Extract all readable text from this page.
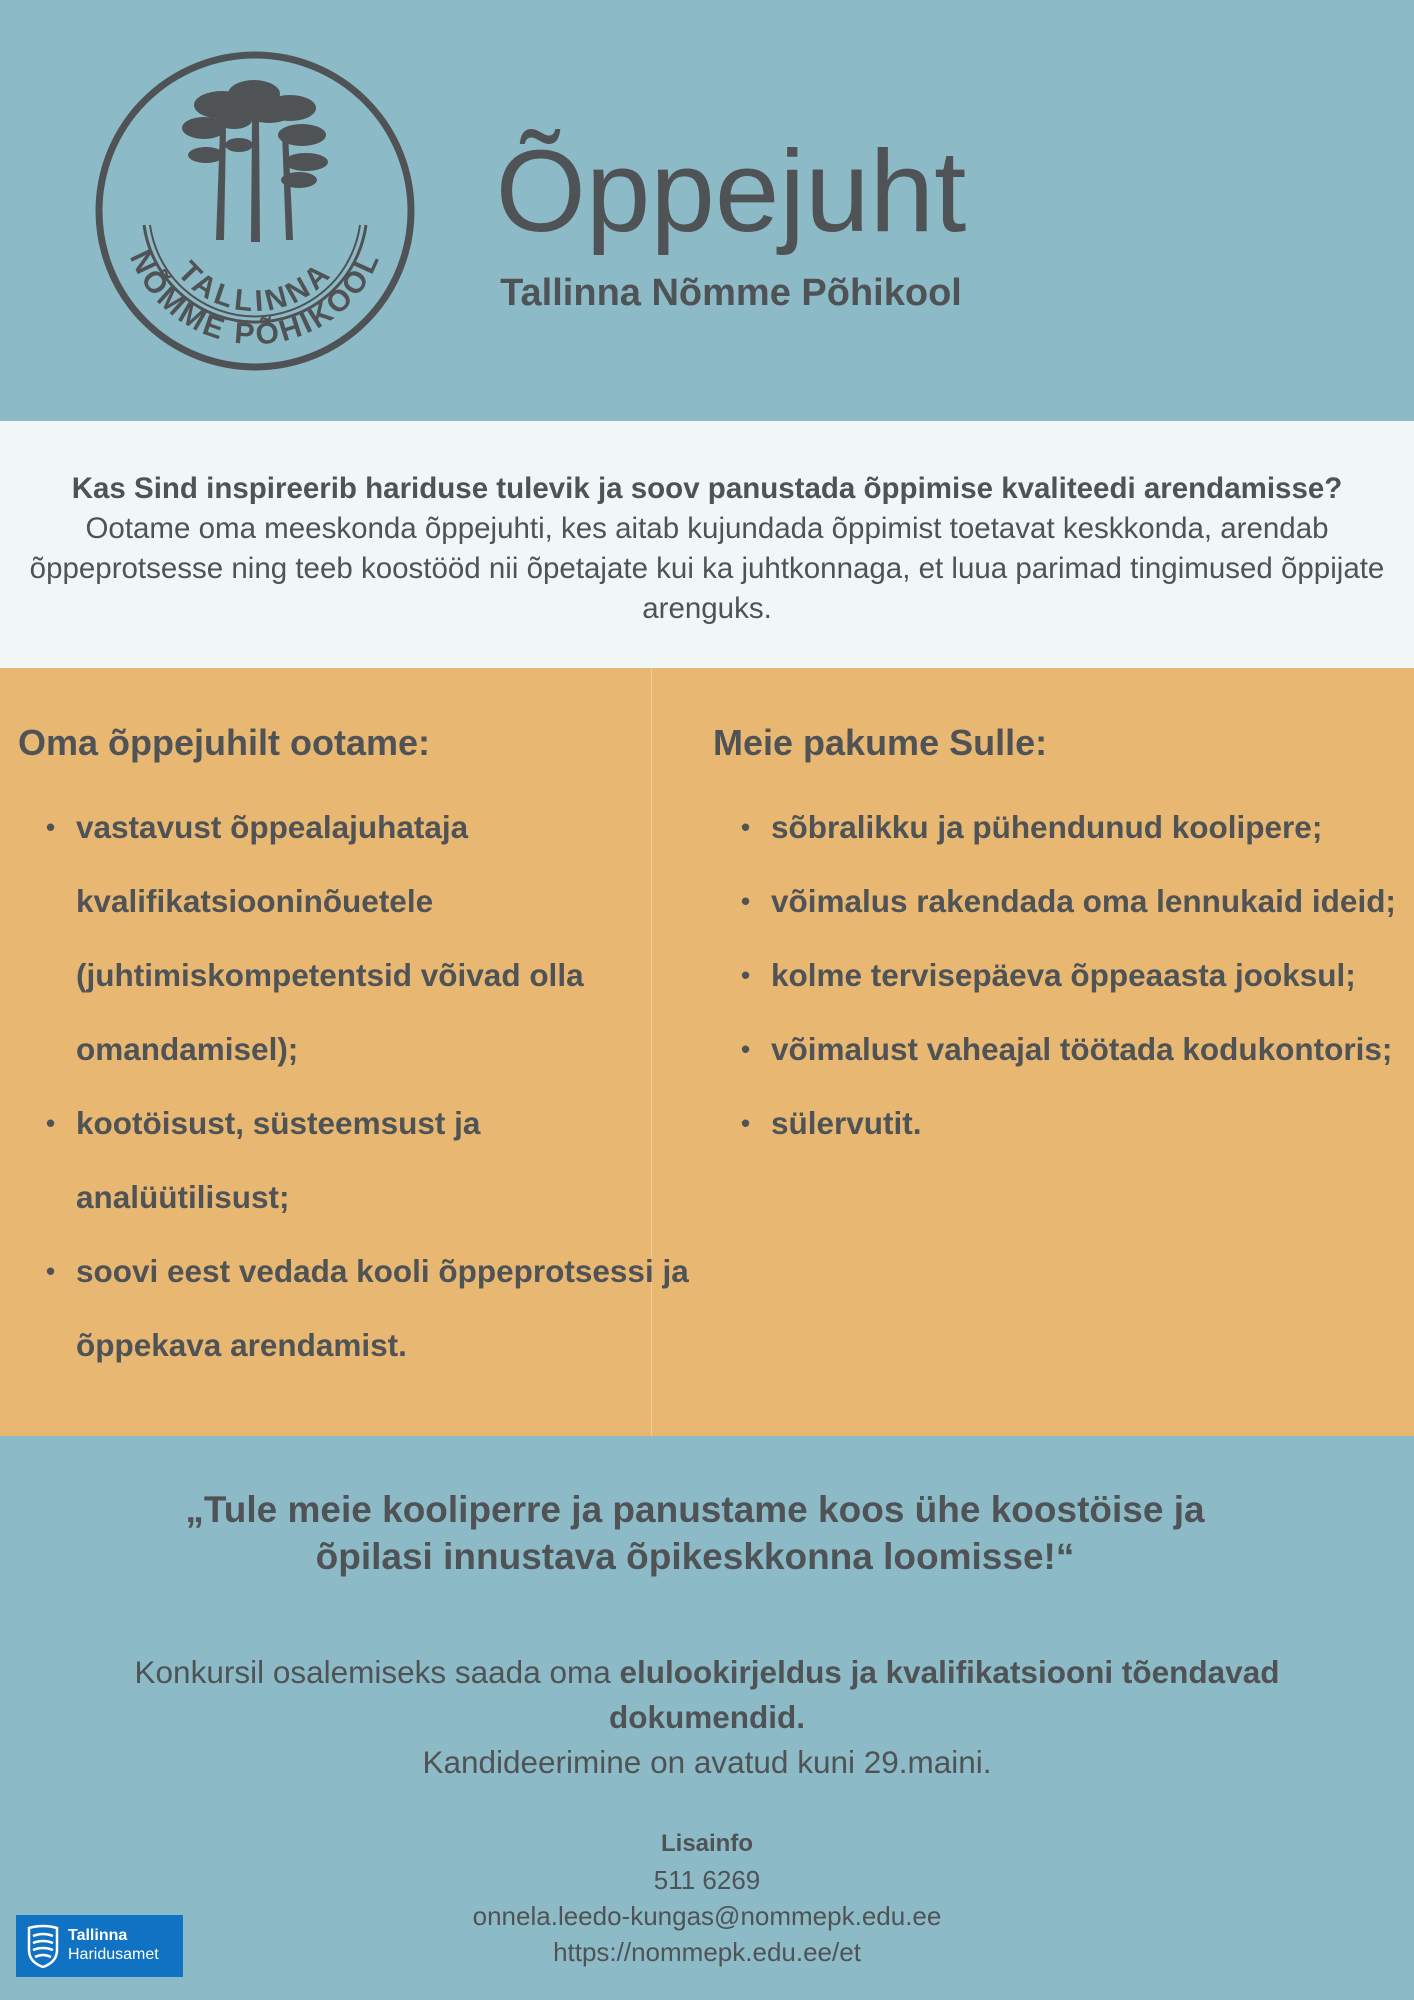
TALLINNA
NÕMME PÕHIKOOL
Õppejuht
Tallinna Nõmme Põhikool

Kas Sind inspireerib hariduse tulevik ja soov panustada õppimise kvaliteedi arendamisse?
Ootame oma meeskonda õppejuhti, kes aitab kujundada õppimist toetavat keskkonda, arendab õppeprotsesse ning teeb koostööd nii õpetajate kui ka juhtkonnaga, et luua parimad tingimused õppijate arenguks.

Oma õppejuhilt ootame:
• vastavust õppealajuhataja kvalifikatsiooninõuetele (juhtimiskompetentsid võivad olla omandamisel);
• kootöisust, süsteemsust ja analüütilisust;
• soovi eest vedada kooli õppeprotsessi ja õppekava arendamist.
Meie pakume Sulle:
• sõbralikku ja pühendunud koolipere;
• võimalus rakendada oma lennukaid ideid;
• kolme tervisepäeva õppeaasta jooksul;
• võimalust vaheajal töötada kodukontoris;
• sülervutit.
„Tule meie kooliperre ja panustame koos ühe koostöise ja
õpilasi innustava õpikeskkonna loomisse!“
Konkursil osalemiseks saada oma elulookirjeldus ja kvalifikatsiooni tõendavad dokumendid.
Kandideerimine on avatud kuni 29.maini.
Lisainfo
511 6269
onnela.leedo-kungas@nommepk.edu.ee
https://nommepk.edu.ee/et
Tallinna
Haridusamet
